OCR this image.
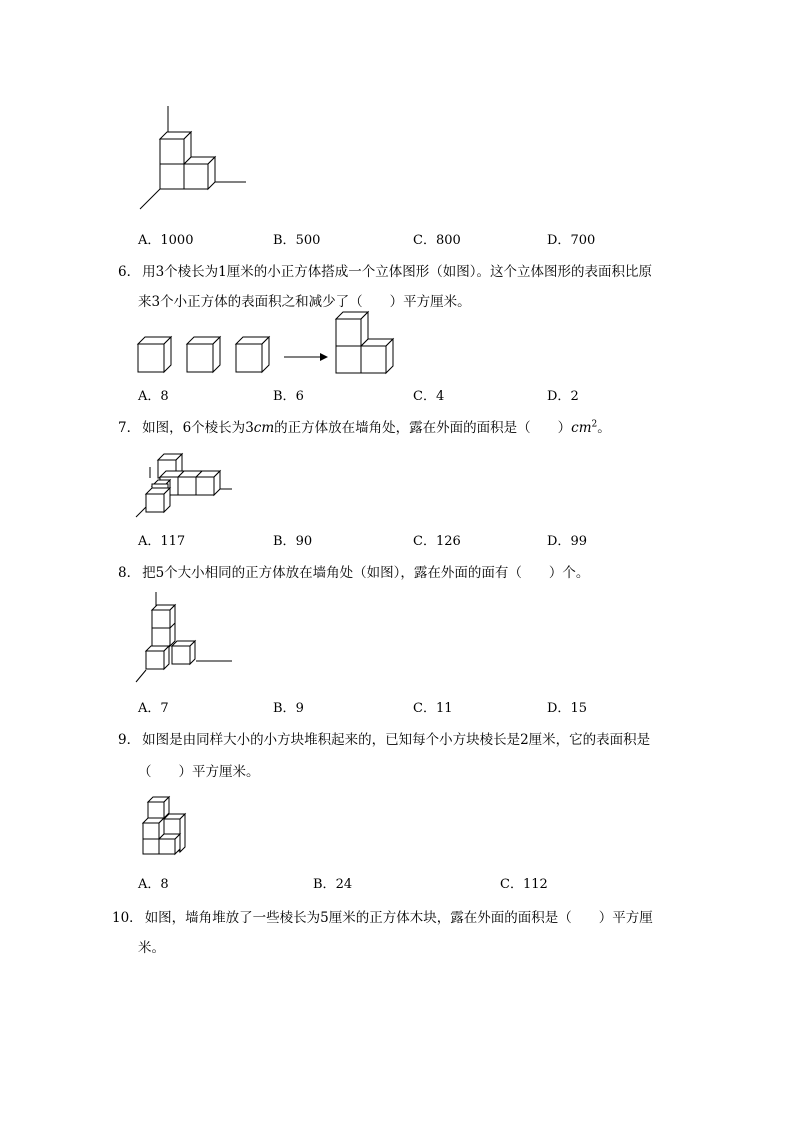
A．1000	B．500	C．800	D．700
6． 用3个棱长为1厘米的小正方体搭成一个立体图形（如图）。这个立体图形的表面积比原
来3个小正方体的表面积之和减少了（　　）平方厘米。
A．8	B．6	C．4	D．2
7． 如图，6个棱长为3cm的正方体放在墙角处，露在外面的面积是（　　）$cm^2$。
A．117	B．90	C．126	D．99
8． 把5个大小相同的正方体放在墙角处（如图），露在外面的面有（　　）个。
A．7	B．9	C．11	D．15
9． 如图是由同样大小的小方块堆积起来的，已知每个小方块棱长是2厘米，它的表面积是
（　　）平方厘米。
A．8	B．24	C．112
10． 如图，墙角堆放了一些棱长为5厘米的正方体木块，露在外面的面积是（　　）平方厘
米。
